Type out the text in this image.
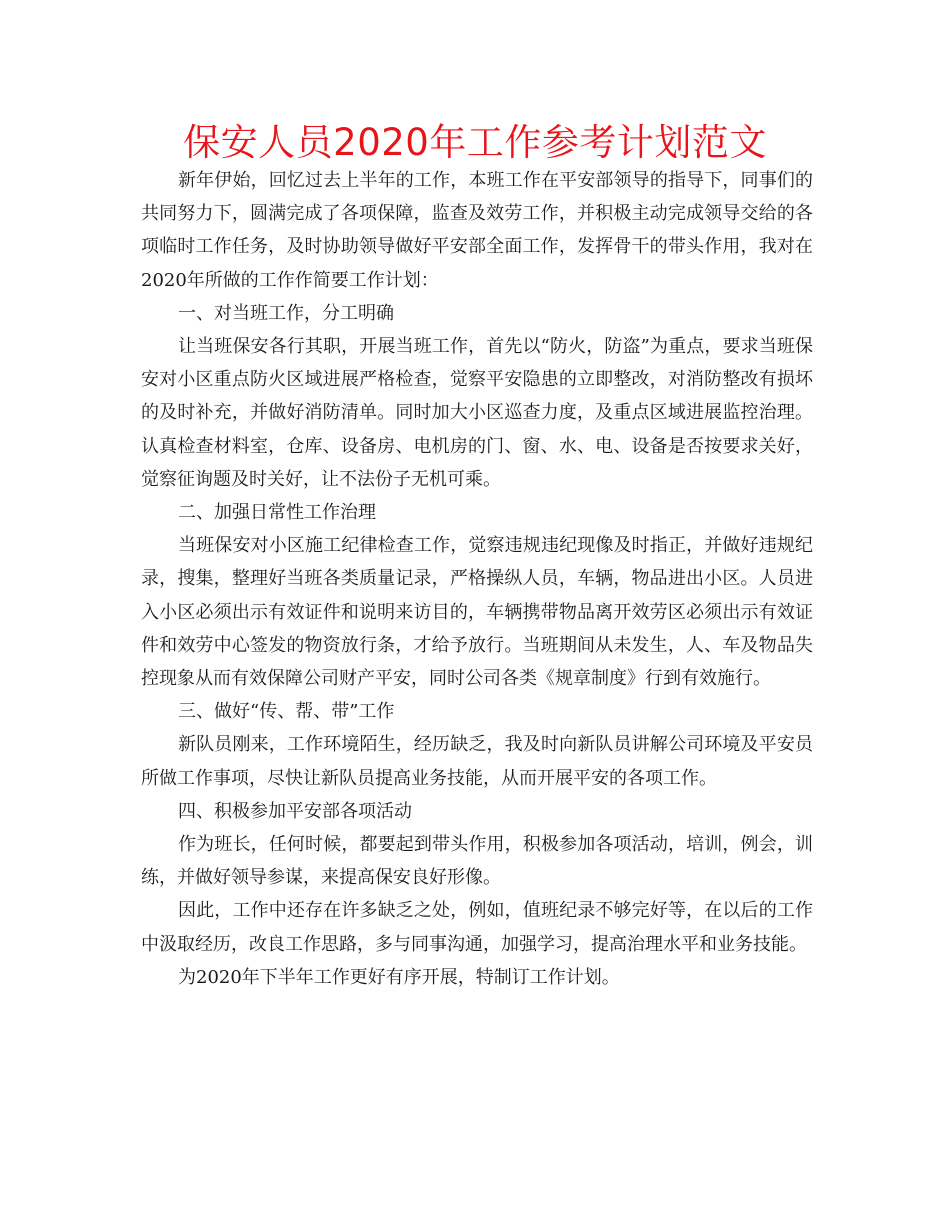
保安人员2020年工作参考计划范文

新年伊始，回忆过去上半年的工作，本班工作在平安部领导的指导下，同事们的共同努力下，圆满完成了各项保障，监查及效劳工作，并积极主动完成领导交给的各项临时工作任务，及时协助领导做好平安部全面工作，发挥骨干的带头作用，我对在2020年所做的工作作简要工作计划：

一、对当班工作，分工明确

让当班保安各行其职，开展当班工作，首先以“防火，防盗”为重点，要求当班保安对小区重点防火区域进展严格检查，觉察平安隐患的立即整改，对消防整改有损坏的及时补充，并做好消防清单。同时加大小区巡查力度，及重点区域进展监控治理。认真检查材料室，仓库、设备房、电机房的门、窗、水、电、设备是否按要求关好，觉察征询题及时关好，让不法份子无机可乘。

二、加强日常性工作治理

当班保安对小区施工纪律检查工作，觉察违规违纪现像及时指正，并做好违规纪录，搜集，整理好当班各类质量记录，严格操纵人员，车辆，物品进出小区。人员进入小区必须出示有效证件和说明来访目的，车辆携带物品离开效劳区必须出示有效证件和效劳中心签发的物资放行条，才给予放行。当班期间从未发生，人、车及物品失控现象从而有效保障公司财产平安，同时公司各类《规章制度》行到有效施行。

三、做好“传、帮、带”工作

新队员刚来，工作环境陌生，经历缺乏，我及时向新队员讲解公司环境及平安员所做工作事项，尽快让新队员提高业务技能，从而开展平安的各项工作。

四、积极参加平安部各项活动

作为班长，任何时候，都要起到带头作用，积极参加各项活动，培训，例会，训练，并做好领导参谋，来提高保安良好形像。

因此，工作中还存在许多缺乏之处，例如，值班纪录不够完好等，在以后的工作中汲取经历，改良工作思路，多与同事沟通，加强学习，提高治理水平和业务技能。

为2020年下半年工作更好有序开展，特制订工作计划。
